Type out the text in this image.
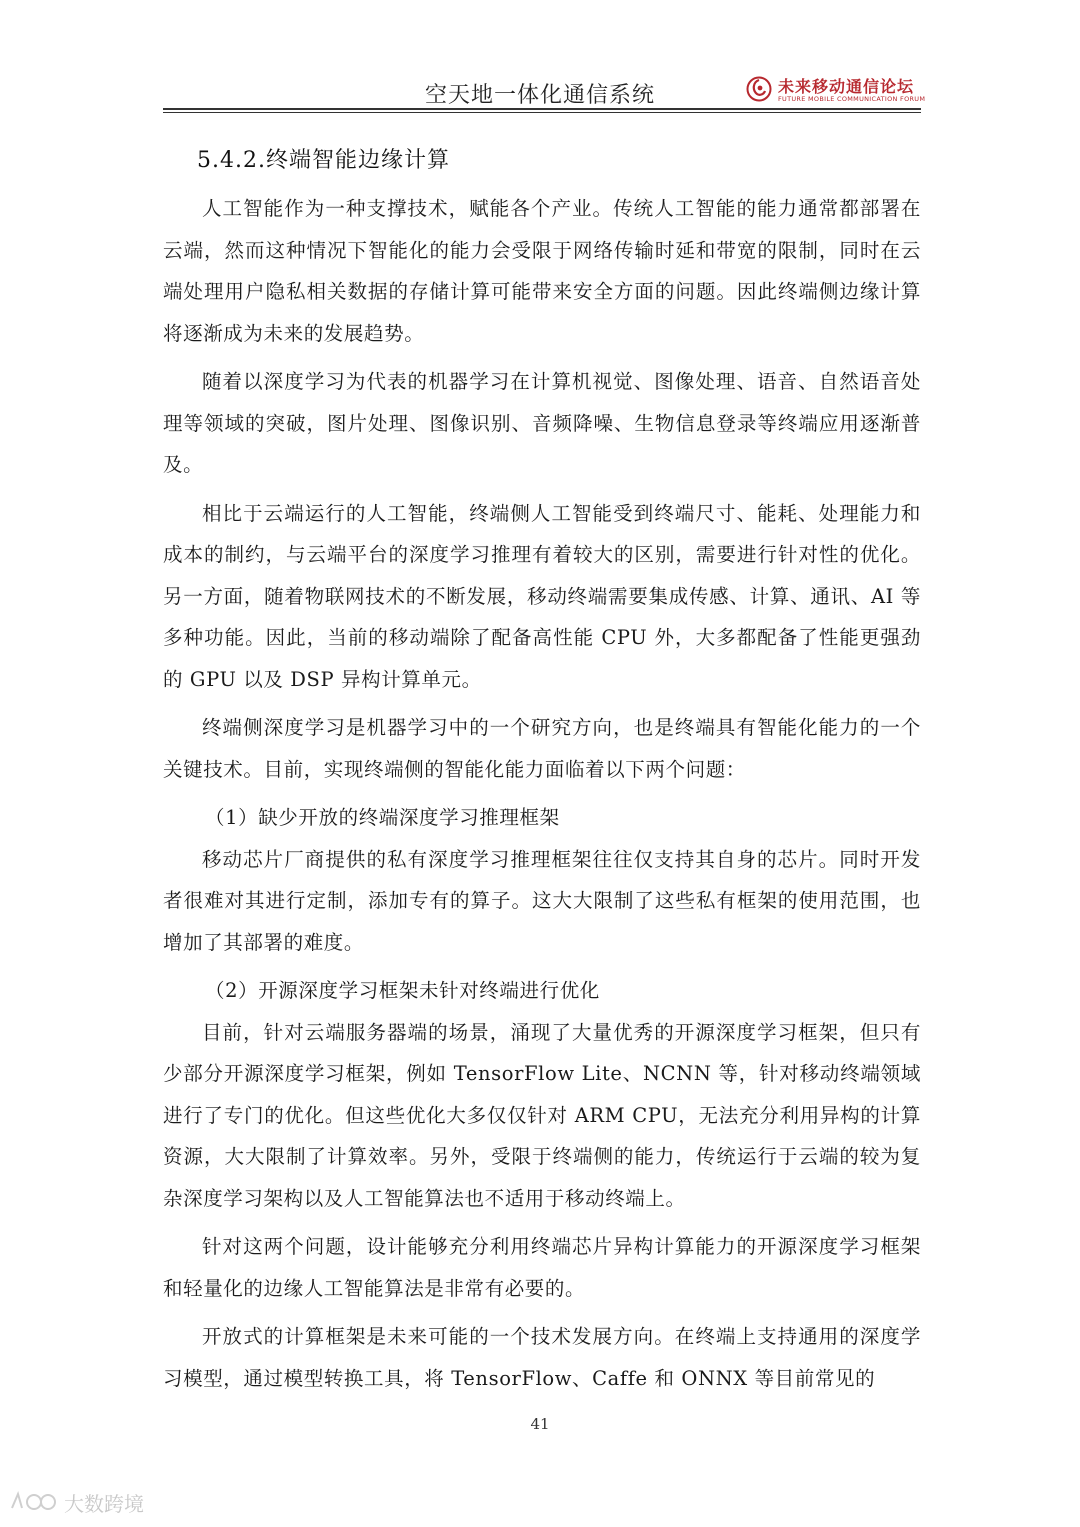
空天地一体化通信系统	未来移动通信论坛
FUTURE MOBILE COMMUNICATION FORUM
5.4.2.终端智能边缘计算

人工智能作为一种支撑技术，赋能各个产业。传统人工智能的能力通常都部署在云端，然而这种情况下智能化的能力会受限于网络传输时延和带宽的限制，同时在云端处理用户隐私相关数据的存储计算可能带来安全方面的问题。因此终端侧边缘计算将逐渐成为未来的发展趋势。

随着以深度学习为代表的机器学习在计算机视觉、图像处理、语音、自然语音处理等领域的突破，图片处理、图像识别、音频降噪、生物信息登录等终端应用逐渐普及。

相比于云端运行的人工智能，终端侧人工智能受到终端尺寸、能耗、处理能力和成本的制约，与云端平台的深度学习推理有着较大的区别，需要进行针对性的优化。另一方面，随着物联网技术的不断发展，移动终端需要集成传感、计算、通讯、AI 等多种功能。因此，当前的移动端除了配备高性能 CPU 外，大多都配备了性能更强劲的 GPU 以及 DSP 异构计算单元。

终端侧深度学习是机器学习中的一个研究方向，也是终端具有智能化能力的一个关键技术。目前，实现终端侧的智能化能力面临着以下两个问题：

（1）缺少开放的终端深度学习推理框架

移动芯片厂商提供的私有深度学习推理框架往往仅支持其自身的芯片。同时开发者很难对其进行定制，添加专有的算子。这大大限制了这些私有框架的使用范围，也增加了其部署的难度。

（2）开源深度学习框架未针对终端进行优化

目前，针对云端服务器端的场景，涌现了大量优秀的开源深度学习框架，但只有少部分开源深度学习框架，例如 TensorFlow Lite、NCNN 等，针对移动终端领域进行了专门的优化。但这些优化大多仅仅针对 ARM CPU，无法充分利用异构的计算资源，大大限制了计算效率。另外，受限于终端侧的能力，传统运行于云端的较为复杂深度学习架构以及人工智能算法也不适用于移动终端上。

针对这两个问题，设计能够充分利用终端芯片异构计算能力的开源深度学习框架和轻量化的边缘人工智能算法是非常有必要的。

开放式的计算框架是未来可能的一个技术发展方向。在终端上支持通用的深度学习模型，通过模型转换工具，将 TensorFlow、Caffe 和 ONNX 等目前常见的

41
大数跨境
